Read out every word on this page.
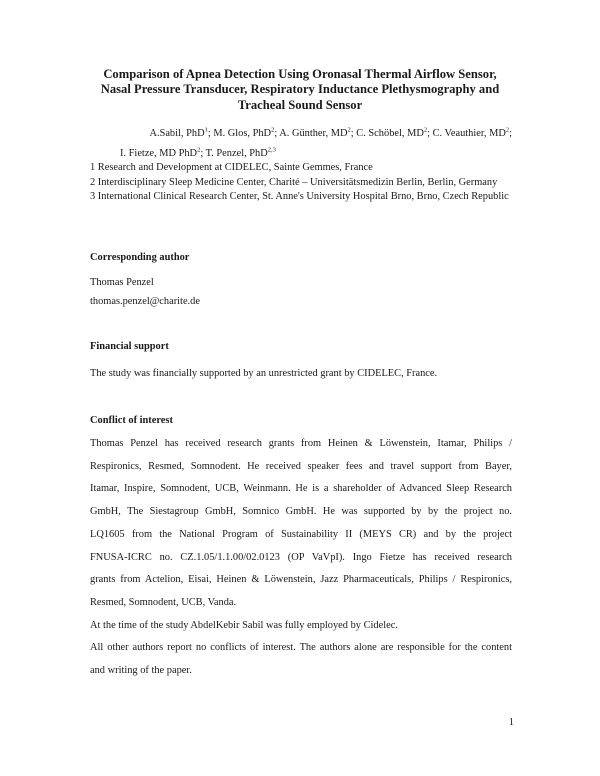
Comparison of Apnea Detection Using Oronasal Thermal Airflow Sensor,
Nasal Pressure Transducer, Respiratory Inductance Plethysmography and
Tracheal Sound Sensor
A.Sabil, PhD$^1$; M. Glos, PhD$^2$; A. Günther, $MD^2$; C. Schöbel, $MD^2$; C. Veauthier, $MD^2$;
I. Fietze, MD PhD$^2$; T. Penzel, PhD$^{2,3}$
1 Research and Development at CIDELEC, Sainte Gemmes, France
2 Interdisciplinary Sleep Medicine Center, Charité – Universitätsmedizin Berlin, Berlin, Germany
3 International Clinical Research Center, St. Anne's University Hospital Brno, Brno, Czech Republic
Corresponding author
Thomas Penzel
thomas.penzel@charite.de
Financial support
The study was financially supported by an unrestricted grant by CIDELEC, France.
Conflict of interest
Thomas Penzel has received research grants from Heinen & Löwenstein, Itamar, Philips /
Respironics, Resmed, Somnodent. He received speaker fees and travel support from Bayer,
Itamar, Inspire, Somnodent, UCB, Weinmann. He is a shareholder of Advanced Sleep Research
GmbH, The Siestagroup GmbH, Somnico GmbH. He was supported by by the project no.
LQ1605 from the National Program of Sustainability II (MEYS CR) and by the project
FNUSA-ICRC no. CZ.1.05/1.1.00/02.0123 (OP VaVpI). Ingo Fietze has received research
grants from Actelion, Eisai, Heinen & Löwenstein, Jazz Pharmaceuticals, Philips / Respironics,
Resmed, Somnodent, UCB, Vanda.
At the time of the study AbdelKebir Sabil was fully employed by Cidelec.
All other authors report no conflicts of interest. The authors alone are responsible for the content
and writing of the paper.
1
